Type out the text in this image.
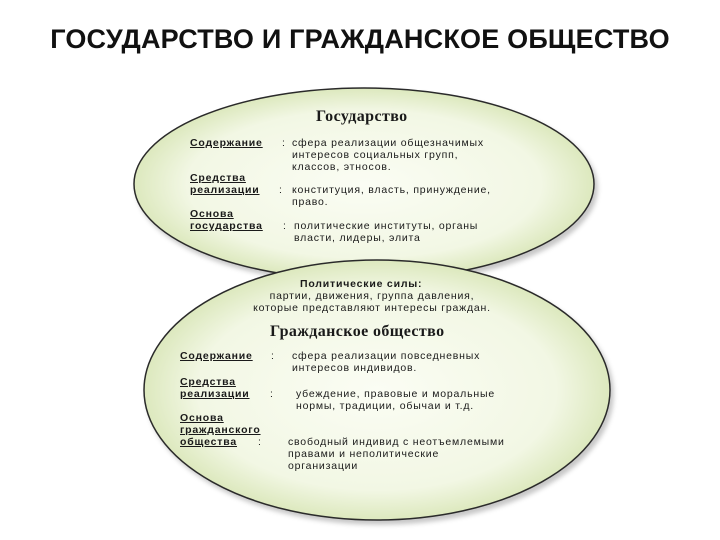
ГОСУДАРСТВО И ГРАЖДАНСКОЕ ОБЩЕСТВО
Государство
Содержание : сфера реализации общезначимых
интересов социальных групп,
классов, этносов.
Средства
реализации : конституция, власть, принуждение,
право.
Основа
государства : политические институты, органы
власти, лидеры, элита
Политические силы:
партии, движения, группа давления,
которые представляют интересы граждан.
Гражданское общество
Содержание : сфера реализации повседневных
интересов индивидов.
Средства
реализации : убеждение, правовые и моральные
нормы, традиции, обычаи и т.д.
Основа
гражданского
общества :	свободный индивид с неотъемлемыми
правами и неполитические
организации
